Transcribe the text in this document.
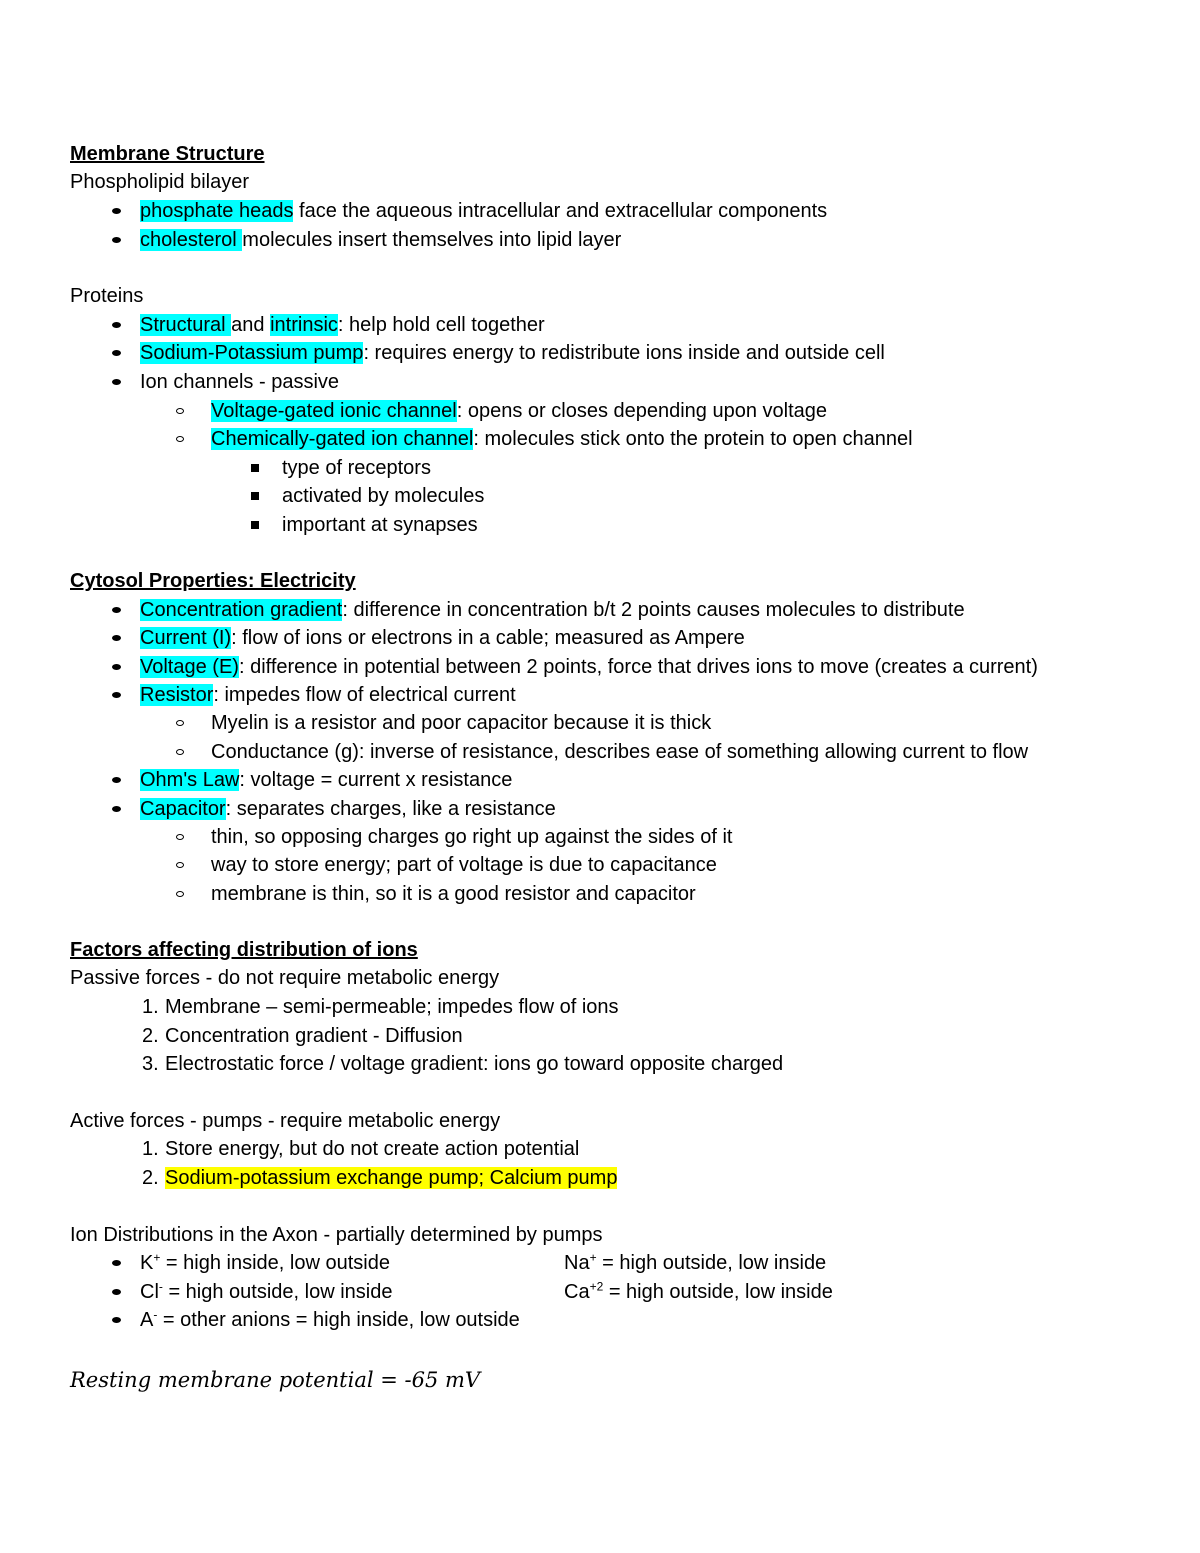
Membrane Structure
Phospholipid bilayer
phosphate heads face the aqueous intracellular and extracellular components
cholesterol molecules insert themselves into lipid layer
Proteins
Structural and intrinsic: help hold cell together
Sodium-Potassium pump: requires energy to redistribute ions inside and outside cell
Ion channels - passive
Voltage-gated ionic channel: opens or closes depending upon voltage
Chemically-gated ion channel: molecules stick onto the protein to open channel
type of receptors
activated by molecules
important at synapses
Cytosol Properties: Electricity
Concentration gradient: difference in concentration b/t 2 points causes molecules to distribute
Current (I): flow of ions or electrons in a cable; measured as Ampere
Voltage (E): difference in potential between 2 points, force that drives ions to move (creates a current)
Resistor: impedes flow of electrical current
Myelin is a resistor and poor capacitor because it is thick
Conductance (g): inverse of resistance, describes ease of something allowing current to flow
Ohm's Law: voltage = current x resistance
Capacitor: separates charges, like a resistance
thin, so opposing charges go right up against the sides of it
way to store energy; part of voltage is due to capacitance
membrane is thin, so it is a good resistor and capacitor
Factors affecting distribution of ions
Passive forces - do not require metabolic energy
1. Membrane – semi-permeable; impedes flow of ions
2. Concentration gradient - Diffusion
3. Electrostatic force / voltage gradient: ions go toward opposite charged
Active forces - pumps - require metabolic energy
1. Store energy, but do not create action potential
2. Sodium-potassium exchange pump; Calcium pump
Ion Distributions in the Axon - partially determined by pumps
K+ = high inside, low outside	Na+ = high outside, low inside
Cl- = high outside, low inside	$Ca^{+2}$ = high outside, low inside
A- = other anions = high inside, low outside
Resting membrane potential = -65 mV
